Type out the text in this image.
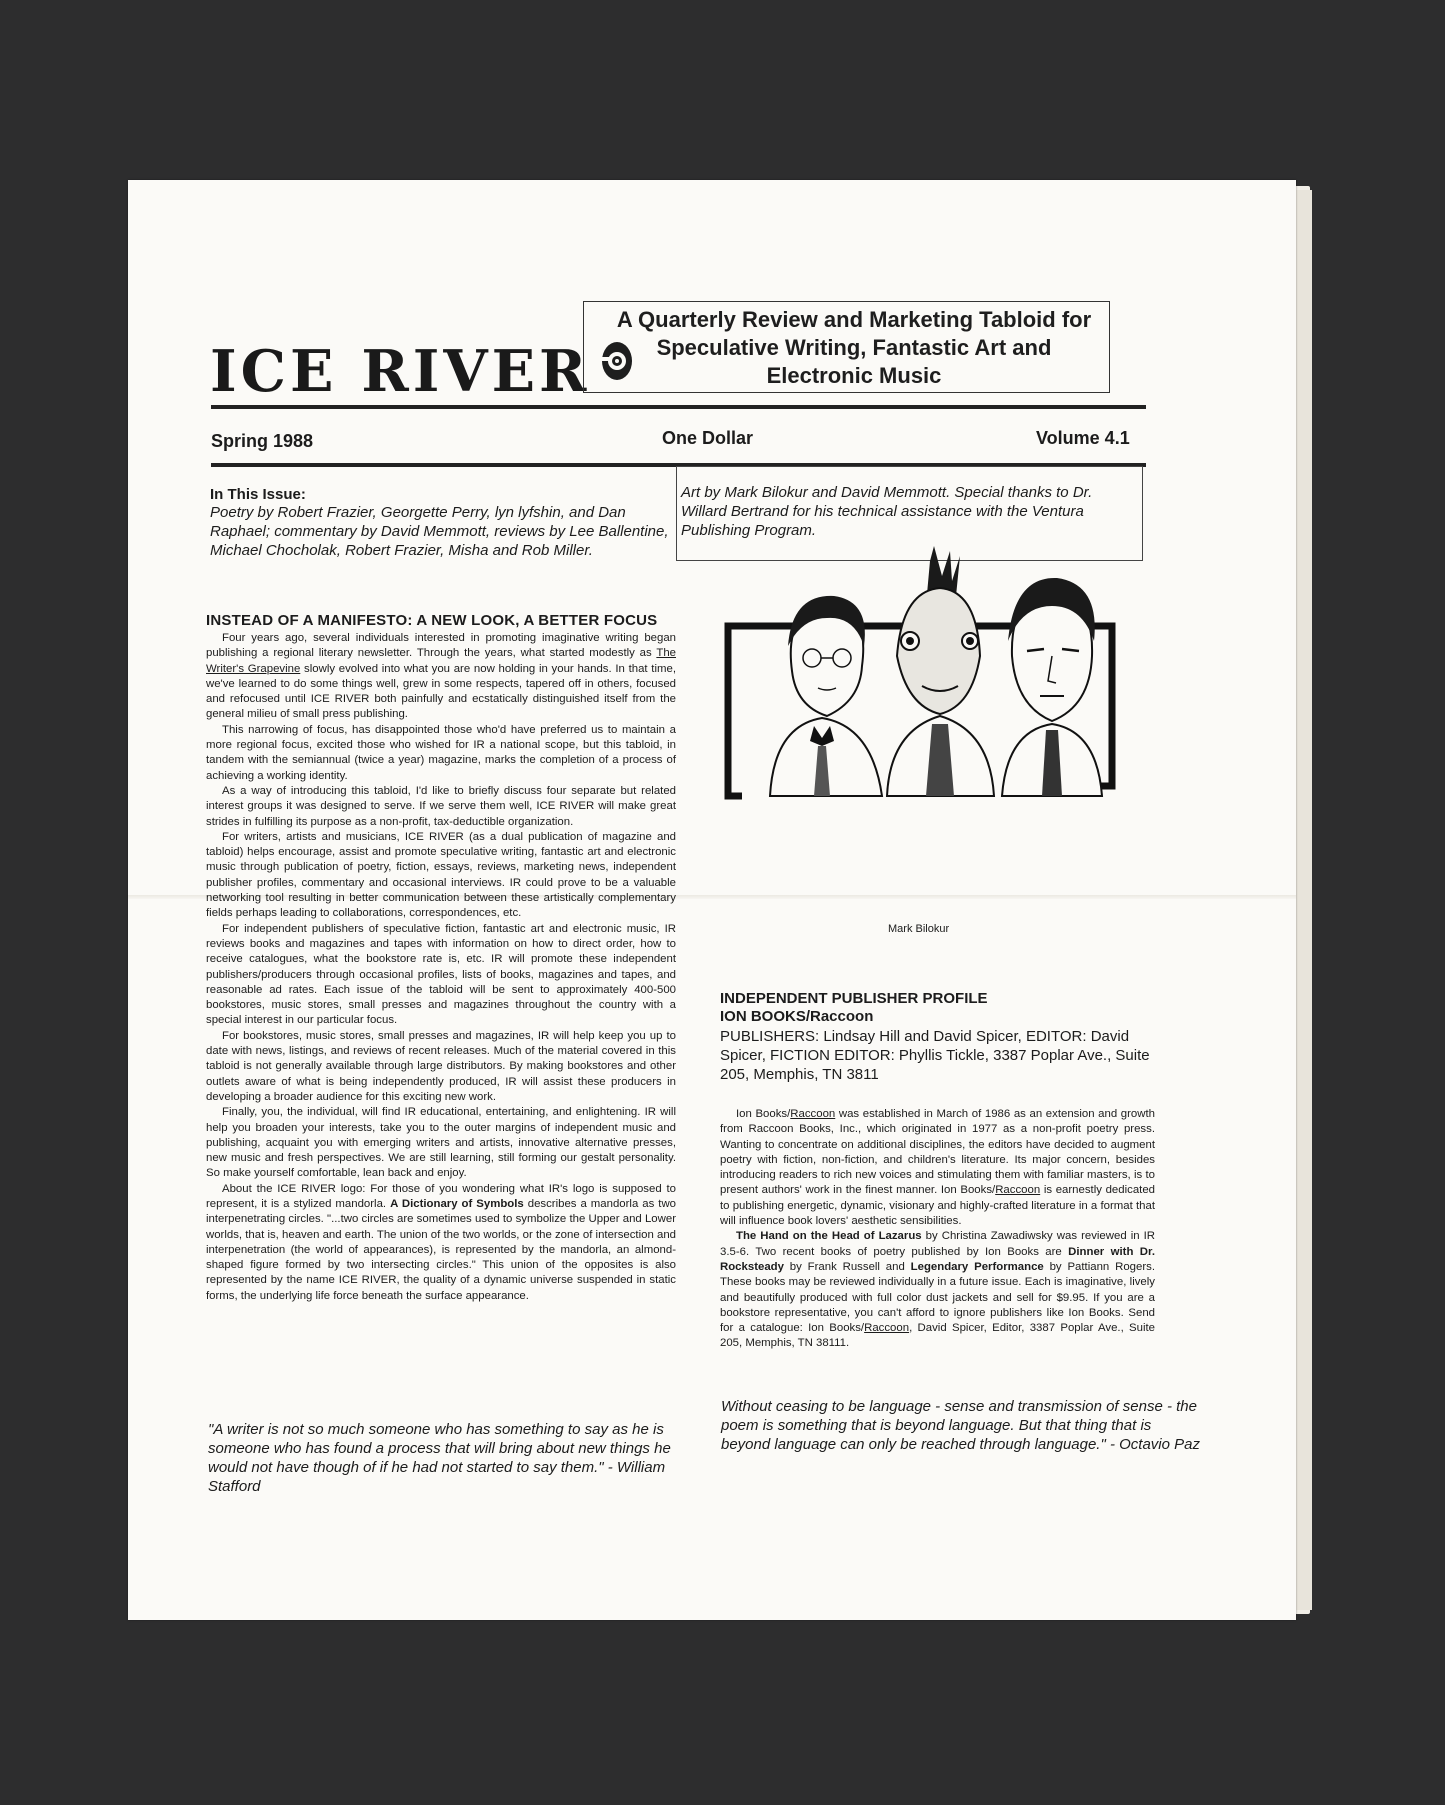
ICE RIVER
A Quarterly Review and Marketing Tabloid for Speculative Writing, Fantastic Art and Electronic Music
Spring 1988	One Dollar	Volume 4.1
In This Issue:
Poetry by Robert Frazier, Georgette Perry, lyn lyfshin, and Dan Raphael; commentary by David Memmott, reviews by Lee Ballentine, Michael Chocholak, Robert Frazier, Misha and Rob Miller.
Art by Mark Bilokur and David Memmott. Special thanks to Dr. Willard Bertrand for his technical assistance with the Ventura Publishing Program.
INSTEAD OF A MANIFESTO: A NEW LOOK, A BETTER FOCUS

Four years ago, several individuals interested in promoting imaginative writing began publishing a regional literary newsletter. Through the years, what started modestly as The Writer's Grapevine slowly evolved into what you are now holding in your hands. In that time, we've learned to do some things well, grew in some respects, tapered off in others, focused and refocused until ICE RIVER both painfully and ecstatically distinguished itself from the general milieu of small press publishing.

This narrowing of focus, has disappointed those who'd have preferred us to maintain a more regional focus, excited those who wished for IR a national scope, but this tabloid, in tandem with the semiannual (twice a year) magazine, marks the completion of a process of achieving a working identity.

As a way of introducing this tabloid, I'd like to briefly discuss four separate but related interest groups it was designed to serve. If we serve them well, ICE RIVER will make great strides in fulfilling its purpose as a non-profit, tax-deductible organization.

For writers, artists and musicians, ICE RIVER (as a dual publication of magazine and tabloid) helps encourage, assist and promote speculative writing, fantastic art and electronic music through publication of poetry, fiction, essays, reviews, marketing news, independent publisher profiles, commentary and occasional interviews. IR could prove to be a valuable networking tool resulting in better communication between these artistically complementary fields perhaps leading to collaborations, correspondences, etc.

For independent publishers of speculative fiction, fantastic art and electronic music, IR reviews books and magazines and tapes with information on how to direct order, how to receive catalogues, what the bookstore rate is, etc. IR will promote these independent publishers/producers through occasional profiles, lists of books, magazines and tapes, and reasonable ad rates. Each issue of the tabloid will be sent to approximately 400-500 bookstores, music stores, small presses and magazines throughout the country with a special interest in our particular focus.

For bookstores, music stores, small presses and magazines, IR will help keep you up to date with news, listings, and reviews of recent releases. Much of the material covered in this tabloid is not generally available through large distributors. By making bookstores and other outlets aware of what is being independently produced, IR will assist these producers in developing a broader audience for this exciting new work.

Finally, you, the individual, will find IR educational, entertaining, and enlightening. IR will help you broaden your interests, take you to the outer margins of independent music and publishing, acquaint you with emerging writers and artists, innovative alternative presses, new music and fresh perspectives. We are still learning, still forming our gestalt personality. So make yourself comfortable, lean back and enjoy.

About the ICE RIVER logo: For those of you wondering what IR's logo is supposed to represent, it is a stylized mandorla. A Dictionary of Symbols describes a mandorla as two interpenetrating circles. "...two circles are sometimes used to symbolize the Upper and Lower worlds, that is, heaven and earth. The union of the two worlds, or the zone of intersection and interpenetration (the world of appearances), is represented by the mandorla, an almond-shaped figure formed by two intersecting circles." This union of the opposites is also represented by the name ICE RIVER, the quality of a dynamic universe suspended in static forms, the underlying life force beneath the surface appearance.

"A writer is not so much someone who has something to say as he is someone who has found a process that will bring about new things he would not have though of if he had not started to say them." - William Stafford
Mark Bilokur
INDEPENDENT PUBLISHER PROFILE
ION BOOKS/Raccoon
PUBLISHERS: Lindsay Hill and David Spicer, EDITOR: David Spicer, FICTION EDITOR: Phyllis Tickle, 3387 Poplar Ave., Suite 205, Memphis, TN 3811

Ion Books/Raccoon was established in March of 1986 as an extension and growth from Raccoon Books, Inc., which originated in 1977 as a non-profit poetry press. Wanting to concentrate on additional disciplines, the editors have decided to augment poetry with fiction, non-fiction, and children's literature. Its major concern, besides introducing readers to rich new voices and stimulating them with familiar masters, is to present authors' work in the finest manner. Ion Books/Raccoon is earnestly dedicated to publishing energetic, dynamic, visionary and highly-crafted literature in a format that will influence book lovers' aesthetic sensibilities.

The Hand on the Head of Lazarus by Christina Zawadiwsky was reviewed in IR 3.5-6. Two recent books of poetry published by Ion Books are Dinner with Dr. Rocksteady by Frank Russell and Legendary Performance by Pattiann Rogers. These books may be reviewed individually in a future issue. Each is imaginative, lively and beautifully produced with full color dust jackets and sell for $9.95. If you are a bookstore representative, you can't afford to ignore publishers like Ion Books. Send for a catalogue: Ion Books/Raccoon, David Spicer, Editor, 3387 Poplar Ave., Suite 205, Memphis, TN 38111.

Without ceasing to be language - sense and transmission of sense - the poem is something that is beyond language. But that thing that is beyond language can only be reached through language." - Octavio Paz
